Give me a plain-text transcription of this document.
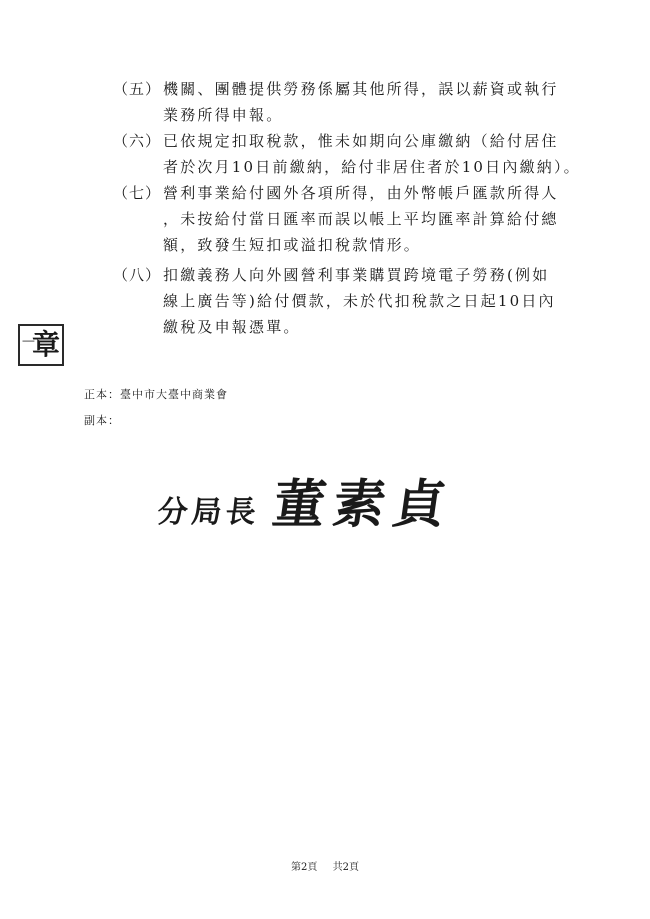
（五） 機關、團體提供勞務係屬其他所得，誤以薪資或執行
業務所得申報。
（六） 已依規定扣取稅款，惟未如期向公庫繳納（給付居住
者於次月10日前繳納，給付非居住者於10日內繳納）。
（七） 營利事業給付國外各項所得，由外幣帳戶匯款所得人
，未按給付當日匯率而誤以帳上平均匯率計算給付總
額，致發生短扣或溢扣稅款情形。
（八） 扣繳義務人向外國營利事業購買跨境電子勞務(例如
線上廣告等)給付價款，未於代扣稅款之日起10日內
繳稅及申報憑單。
│ 章
正本：臺中市大臺中商業會
副本：
分局長 董素貞
第2頁 共2頁
